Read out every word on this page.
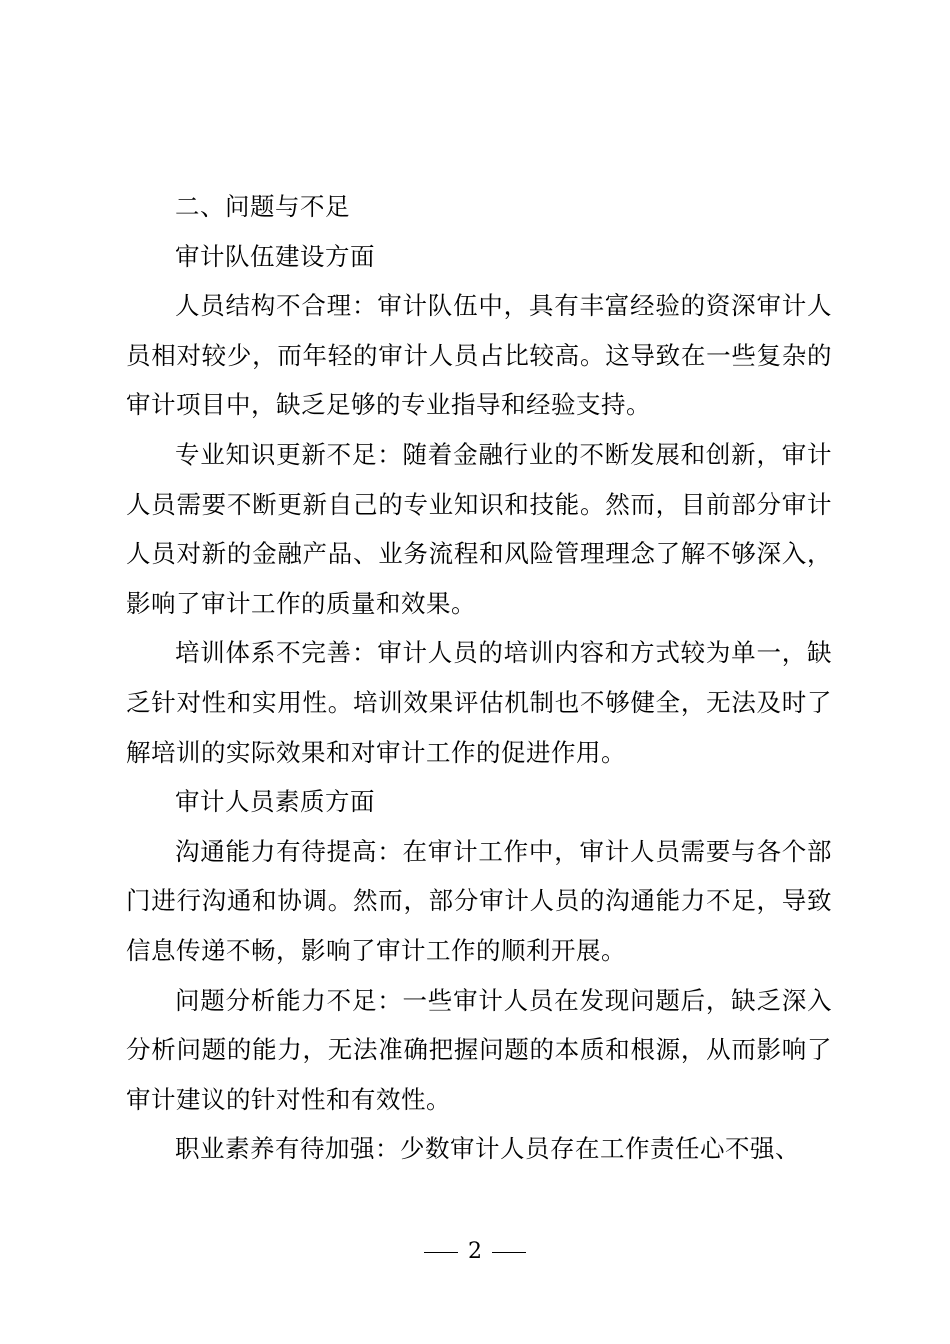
二、问题与不足

审计队伍建设方面

人员结构不合理：审计队伍中，具有丰富经验的资深审计人员相对较少，而年轻的审计人员占比较高。这导致在一些复杂的审计项目中，缺乏足够的专业指导和经验支持。

专业知识更新不足：随着金融行业的不断发展和创新，审计人员需要不断更新自己的专业知识和技能。然而，目前部分审计人员对新的金融产品、业务流程和风险管理理念了解不够深入，影响了审计工作的质量和效果。

培训体系不完善：审计人员的培训内容和方式较为单一，缺乏针对性和实用性。培训效果评估机制也不够健全，无法及时了解培训的实际效果和对审计工作的促进作用。

审计人员素质方面

沟通能力有待提高：在审计工作中，审计人员需要与各个部门进行沟通和协调。然而，部分审计人员的沟通能力不足，导致信息传递不畅，影响了审计工作的顺利开展。

问题分析能力不足：一些审计人员在发现问题后，缺乏深入分析问题的能力，无法准确把握问题的本质和根源，从而影响了审计建议的针对性和有效性。

职业素养有待加强：少数审计人员存在工作责任心不强、

2
